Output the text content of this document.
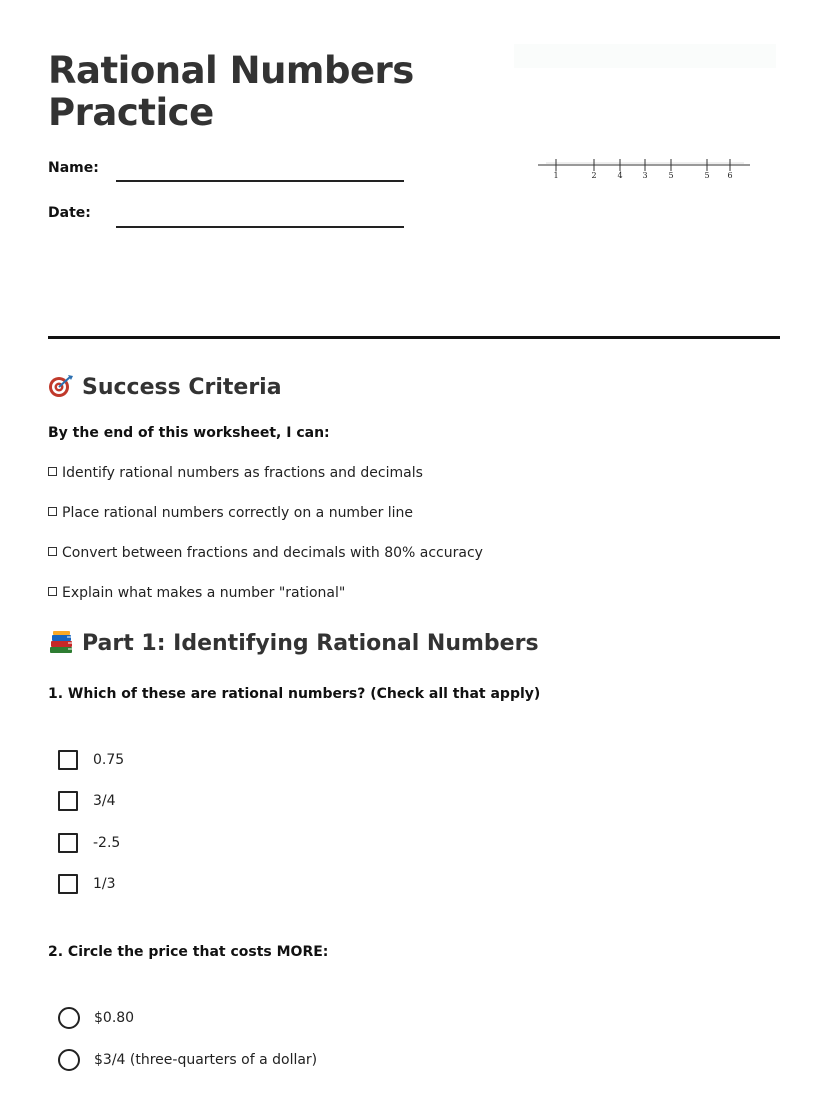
Rational Numbers Practice
Name:
Date:
1	2	4 3	5	5 6
Success Criteria
By the end of this worksheet, I can:
Identify rational numbers as fractions and decimals
Place rational numbers correctly on a number line
Convert between fractions and decimals with 80% accuracy
Explain what makes a number "rational"
Part 1: Identifying Rational Numbers
1. Which of these are rational numbers? (Check all that apply)
0.75
3/4
-2.5
1/3
2. Circle the price that costs MORE:
$0.80
$3/4 (three-quarters of a dollar)
